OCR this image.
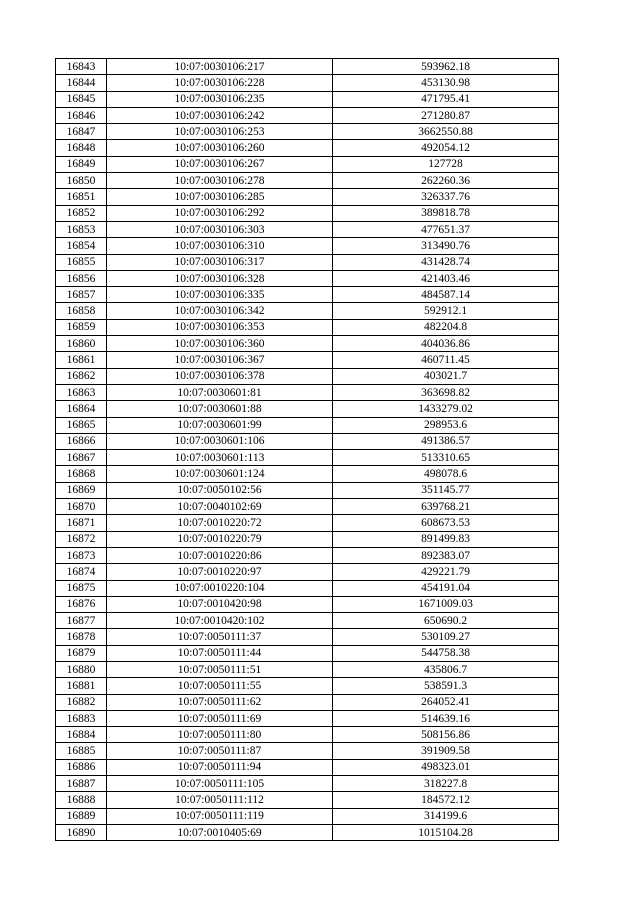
16843	10:07:0030106:217	593962.18
16844	10:07:0030106:228	453130.98
16845	10:07:0030106:235	471795.41
16846	10:07:0030106:242	271280.87
16847	10:07:0030106:253	3662550.88
16848	10:07:0030106:260	492054.12
16849	10:07:0030106:267	127728
16850	10:07:0030106:278	262260.36
16851	10:07:0030106:285	326337.76
16852	10:07:0030106:292	389818.78
16853	10:07:0030106:303	477651.37
16854	10:07:0030106:310	313490.76
16855	10:07:0030106:317	431428.74
16856	10:07:0030106:328	421403.46
16857	10:07:0030106:335	484587.14
16858	10:07:0030106:342	592912.1
16859	10:07:0030106:353	482204.8
16860	10:07:0030106:360	404036.86
16861	10:07:0030106:367	460711.45
16862	10:07:0030106:378	403021.7
16863	10:07:0030601:81	363698.82
16864	10:07:0030601:88	1433279.02
16865	10:07:0030601:99	298953.6
16866	10:07:0030601:106	491386.57
16867	10:07:0030601:113	513310.65
16868	10:07:0030601:124	498078.6
16869	10:07:0050102:56	351145.77
16870	10:07:0040102:69	639768.21
16871	10:07:0010220:72	608673.53
16872	10:07:0010220:79	891499.83
16873	10:07:0010220:86	892383.07
16874	10:07:0010220:97	429221.79
16875	10:07:0010220:104	454191.04
16876	10:07:0010420:98	1671009.03
16877	10:07:0010420:102	650690.2
16878	10:07:0050111:37	530109.27
16879	10:07:0050111:44	544758.38
16880	10:07:0050111:51	435806.7
16881	10:07:0050111:55	538591.3
16882	10:07:0050111:62	264052.41
16883	10:07:0050111:69	514639.16
16884	10:07:0050111:80	508156.86
16885	10:07:0050111:87	391909.58
16886	10:07:0050111:94	498323.01
16887	10:07:0050111:105	318227.8
16888	10:07:0050111:112	184572.12
16889	10:07:0050111:119	314199.6
16890	10:07:0010405:69	1015104.28
